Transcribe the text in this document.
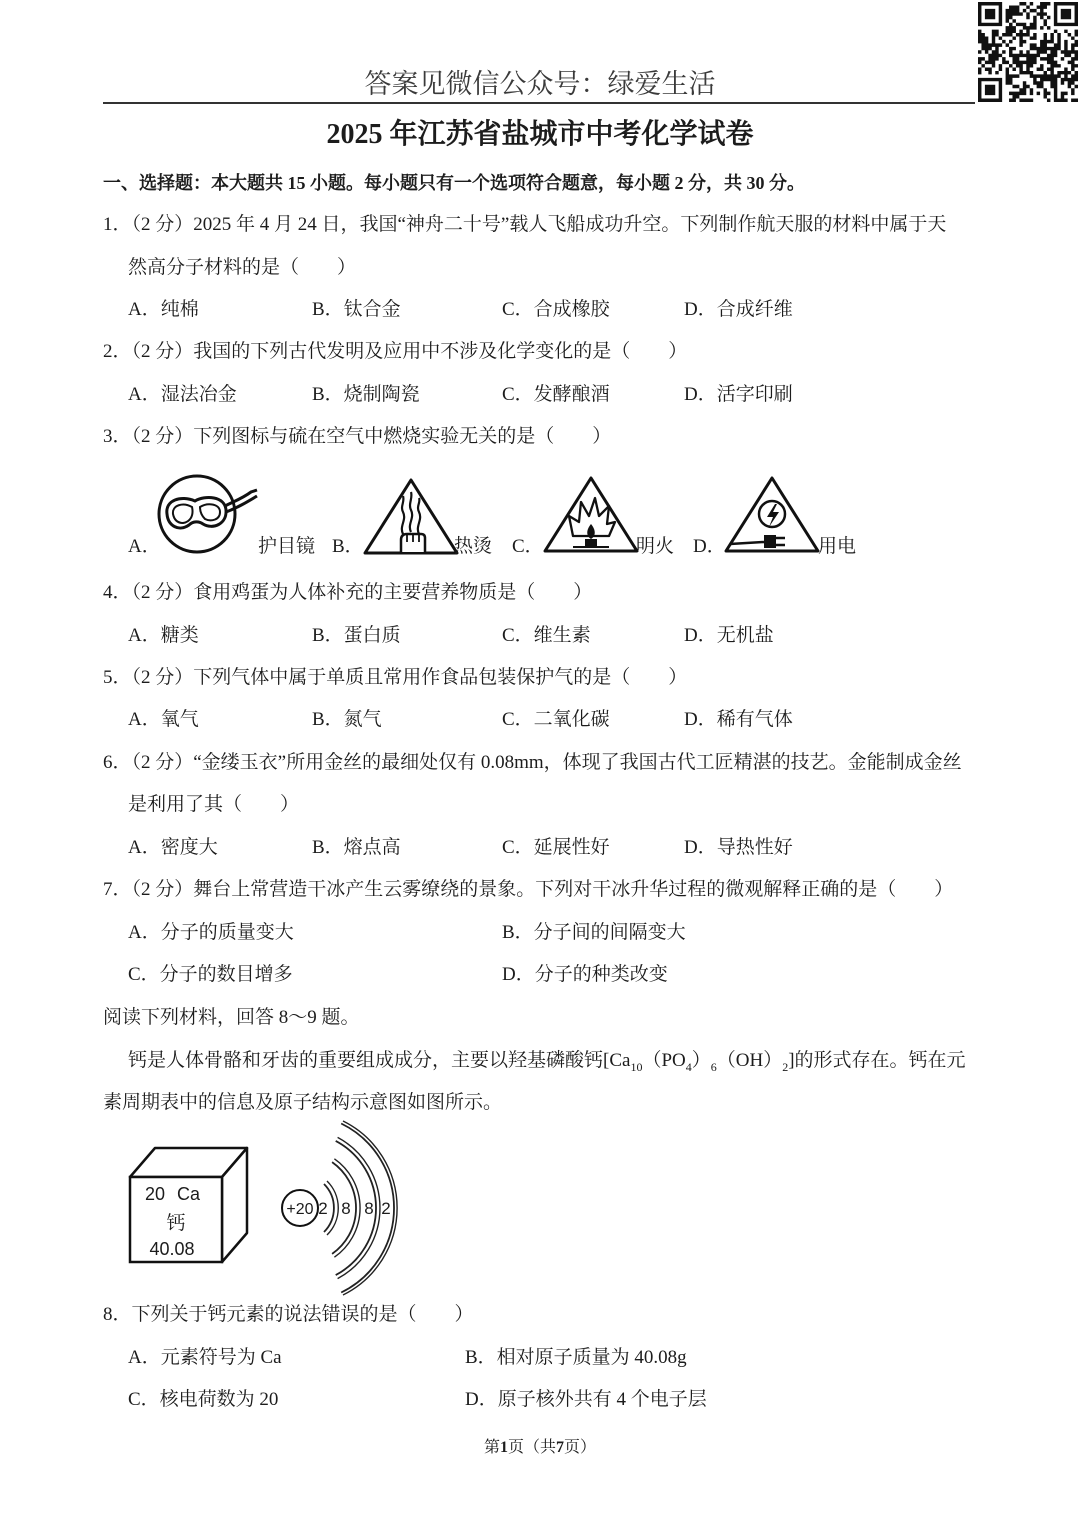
答案见微信公众号：绿爱生活
2025 年江苏省盐城市中考化学试卷
一、选择题：本大题共 15 小题。每小题只有一个选项符合题意，每小题 2 分，共 30 分。
1．（2 分）2025 年 4 月 24 日，我国“神舟二十号”载人飞船成功升空。下列制作航天服的材料中属于天
然高分子材料的是（　　）
A．纯棉	B．钛合金	C．合成橡胶	D．合成纤维
2．（2 分）我国的下列古代发明及应用中不涉及化学变化的是（　　）
A．湿法冶金	B．烧制陶瓷	C．发酵酿酒	D．活字印刷
3．（2 分）下列图标与硫在空气中燃烧实验无关的是（　　）
A．	护目镜 B．	热烫 C．	明火 D．	用电
4．（2 分）食用鸡蛋为人体补充的主要营养物质是（　　）
A．糖类	B．蛋白质	C．维生素	D．无机盐
5．（2 分）下列气体中属于单质且常用作食品包装保护气的是（　　）
A．氧气	B．氮气	C．二氧化碳	D．稀有气体
6．（2 分）“金缕玉衣”所用金丝的最细处仅有 0.08mm，体现了我国古代工匠精湛的技艺。金能制成金丝
是利用了其（　　）
A．密度大	B．熔点高	C．延展性好	D．导热性好
7．（2 分）舞台上常营造干冰产生云雾缭绕的景象。下列对干冰升华过程的微观解释正确的是（　　）
A．分子的质量变大	B．分子间的间隔变大
C．分子的数目增多	D．分子的种类改变
阅读下列材料，回答 8～9 题。
钙是人体骨骼和牙齿的重要组成成分，主要以羟基磷酸钙$[Ca_{10}(PO_4)_6(OH)_2]$的形式存在。钙在元
素周期表中的信息及原子结构示意图如图所示。
20 Ca
钙
40.08
+20 2 8 8 2
8．下列关于钙元素的说法错误的是（　　）
A．元素符号为 Ca	B．相对原子质量为 40.08g
C．核电荷数为 20	D．原子核外共有 4 个电子层
第1页（共7页）
